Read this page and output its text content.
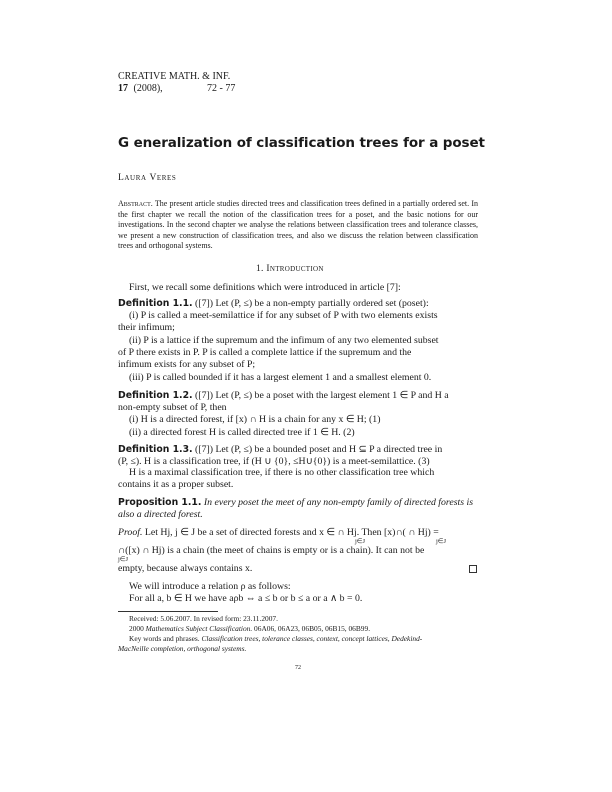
CREATIVE MATH. & INF.
17 (2008),	72 - 77
G eneralization of classification trees for a poset
Laura Veres
Abstract. The present article studies directed trees and classification trees defined in a partially ordered set. In the first chapter we recall the notion of the classification trees for a poset, and the basic notions for our investigations. In the second chapter we analyse the relations between classification trees and tolerance classes, we present a new construction of classification trees, and also we discuss the relation between classification trees and orthogonal systems.
1. Introduction
First, we recall some definitions which were introduced in article [7]:
Definition 1.1. ([7]) Let (P, ≤) be a non-empty partially ordered set (poset):
(i) P is called a meet-semilattice if for any subset of P with two elements exists
their infimum;
(ii) P is a lattice if the supremum and the infimum of any two elemented subset
of P there exists in P. P is called a complete lattice if the supremum and the
infimum exists for any subset of P;
(iii) P is called bounded if it has a largest element 1 and a smallest element 0.
Definition 1.2. ([7]) Let (P, ≤) be a poset with the largest element 1 ∈ P and H a
non-empty subset of P, then
(i) H is a directed forest, if [x) ∩ H is a chain for any x ∈ H; (1)
(ii) a directed forest H is called directed tree if 1 ∈ H. (2)
Definition 1.3. ([7]) Let (P, ≤) be a bounded poset and H ⊆ P a directed tree in
(P, ≤). H is a classification tree, if (H ∪ {0}, ≤H∪{0}) is a meet-semilattice. (3)
H is a maximal classification tree, if there is no other classification tree which
contains it as a proper subset.
Proposition 1.1. In every poset the meet of any non-empty family of directed forests is
also a directed forest.
Proof. Let Hj, j ∈ J be a set of directed forests and x ∈ ∩ Hj. Then [x)∩( ∩ Hj) =
j∈J	j∈J
∩([x) ∩ Hj) is a chain (the meet of chains is empty or is a chain). It can not be
j∈J
empty, because always contains x.
We will introduce a relation ρ as follows:
For all a, b ∈ H we have aρb ⇔ a ≤ b or b ≤ a or a ∧ b = 0.
Received: 5.06.2007. In revised form: 23.11.2007.
2000 Mathematics Subject Classification. 06A06, 06A23, 06B05, 06B15, 06B99.
Key words and phrases. Classification trees, tolerance classes, context, concept lattices, Dedekind-
MacNeille completion, orthogonal systems.
72
